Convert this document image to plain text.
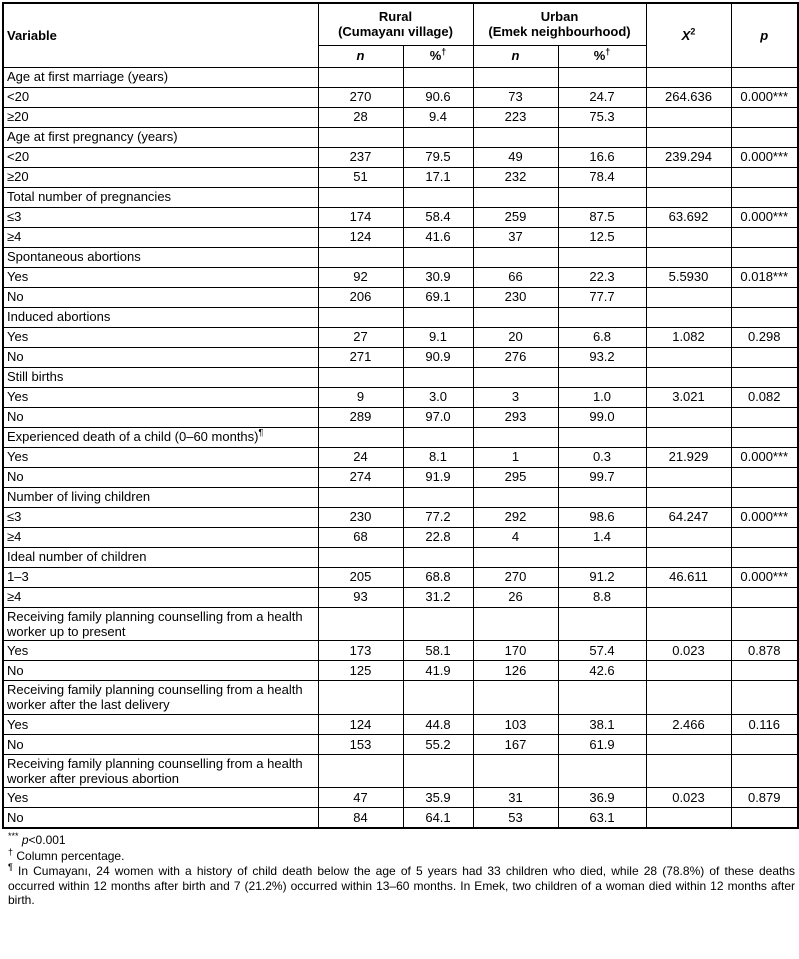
Variable	Rural
(Cumayanı village)		Urban
(Emek neighbourhood)		$X^2$	p
	n	%†	n	%†
Age at first marriage (years)						
<20	270	90.6	73	24.7	264.636	0.000***
≥20	28	9.4	223	75.3		
Age at first pregnancy (years)						
<20	237	79.5	49	16.6	239.294	0.000***
≥20	51	17.1	232	78.4		
Total number of pregnancies						
≤3	174	58.4	259	87.5	63.692	0.000***
≥4	124	41.6	37	12.5		
Spontaneous abortions						
Yes	92	30.9	66	22.3	5.5930	0.018***
No	206	69.1	230	77.7		
Induced abortions						
Yes	27	9.1	20	6.8	1.082	0.298
No	271	90.9	276	93.2		
Still births						
Yes	9	3.0	3	1.0	3.021	0.082
No	289	97.0	293	99.0		
Experienced death of a child (0–60 months)¶						
Yes	24	8.1	1	0.3	21.929	0.000***
No	274	91.9	295	99.7		
Number of living children						
≤3	230	77.2	292	98.6	64.247	0.000***
≥4	68	22.8	4	1.4		
Ideal number of children						
1–3	205	68.8	270	91.2	46.611	0.000***
≥4	93	31.2	26	8.8		
Receiving family planning counselling from a health worker up to present						
Yes	173	58.1	170	57.4	0.023	0.878
No	125	41.9	126	42.6		
Receiving family planning counselling from a health worker after the last delivery						
Yes	124	44.8	103	38.1	2.466	0.116
No	153	55.2	167	61.9		
Receiving family planning counselling from a health worker after previous abortion						
Yes	47	35.9	31	36.9	0.023	0.879
No	84	64.1	53	63.1		
*** p<0.001
† Column percentage.
¶ In Cumayanı, 24 women with a history of child death below the age of 5 years had 33 children who died, while 28 (78.8%) of these deaths occurred within 12 months after birth and 7 (21.2%) occurred within 13–60 months. In Emek, two children of a woman died within 12 months after birth.
